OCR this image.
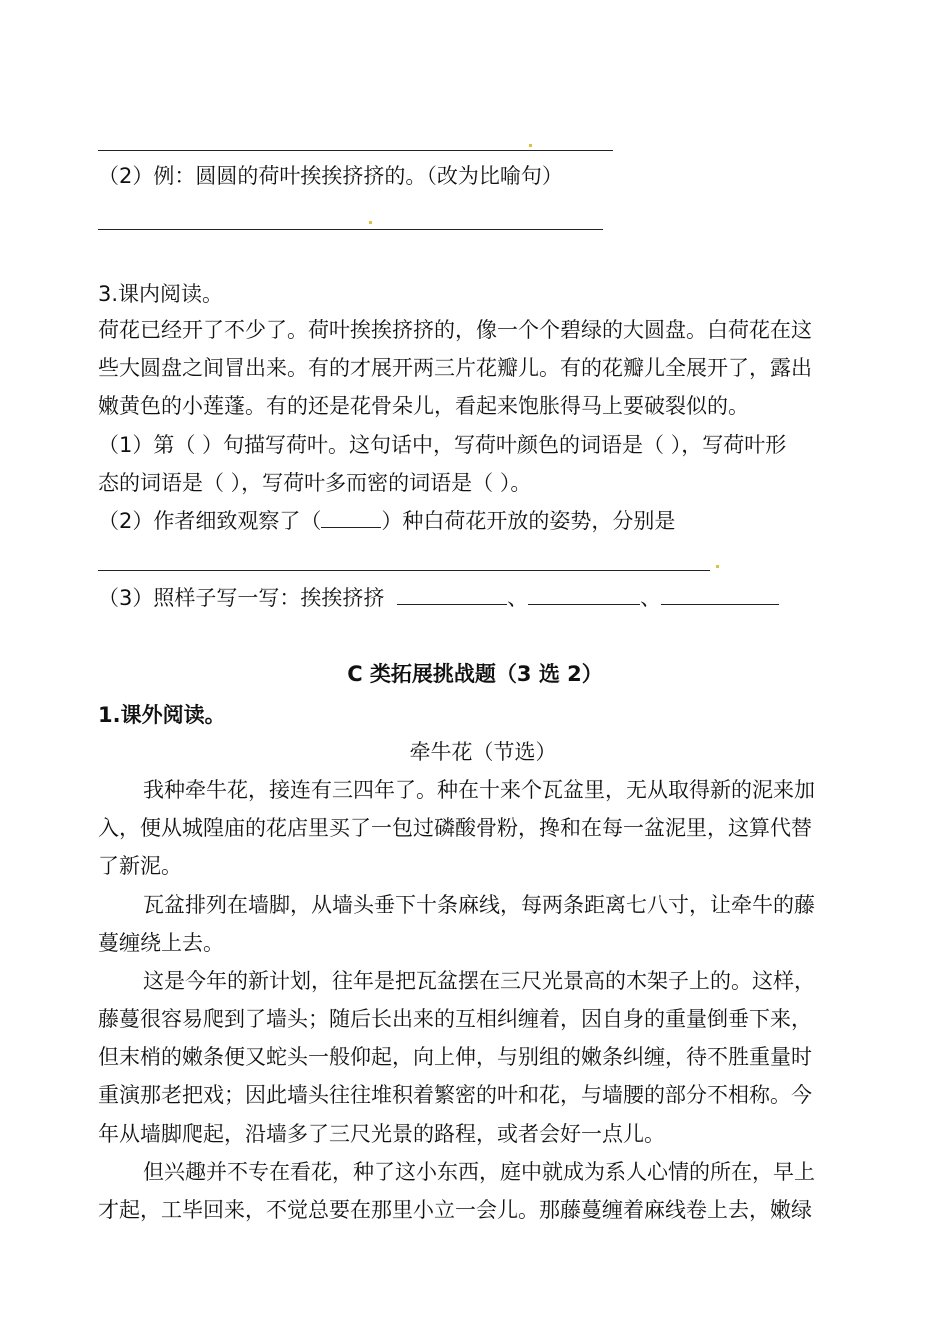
（2）例：圆圆的荷叶挨挨挤挤的。（改为比喻句）
3.课内阅读。
荷花已经开了不少了。荷叶挨挨挤挤的，像一个个碧绿的大圆盘。白荷花在这
些大圆盘之间冒出来。有的才展开两三片花瓣儿。有的花瓣儿全展开了，露出
嫩黄色的小莲蓬。有的还是花骨朵儿，看起来饱胀得马上要破裂似的。
（1）第（ ）句描写荷叶。这句话中，写荷叶颜色的词语是（ ），写荷叶形
态的词语是（ ），写荷叶多而密的词语是（ ）。
（2）作者细致观察了（	）种白荷花开放的姿势，分别是
（3）照样子写一写：挨挨挤挤	、	、
C 类拓展挑战题（3 选 2）
1.课外阅读。
牵牛花（节选）
我种牵牛花，接连有三四年了。种在十来个瓦盆里，无从取得新的泥来加
入，便从城隍庙的花店里买了一包过磷酸骨粉，搀和在每一盆泥里，这算代替
了新泥。
瓦盆排列在墙脚，从墙头垂下十条麻线，每两条距离七八寸，让牵牛的藤
蔓缠绕上去。
这是今年的新计划，往年是把瓦盆摆在三尺光景高的木架子上的。这样，
藤蔓很容易爬到了墙头；随后长出来的互相纠缠着，因自身的重量倒垂下来，
但末梢的嫩条便又蛇头一般仰起，向上伸，与别组的嫩条纠缠，待不胜重量时
重演那老把戏；因此墙头往往堆积着繁密的叶和花，与墙腰的部分不相称。今
年从墙脚爬起，沿墙多了三尺光景的路程，或者会好一点儿。
但兴趣并不专在看花，种了这小东西，庭中就成为系人心情的所在，早上
才起，工毕回来，不觉总要在那里小立一会儿。那藤蔓缠着麻线卷上去，嫩绿
